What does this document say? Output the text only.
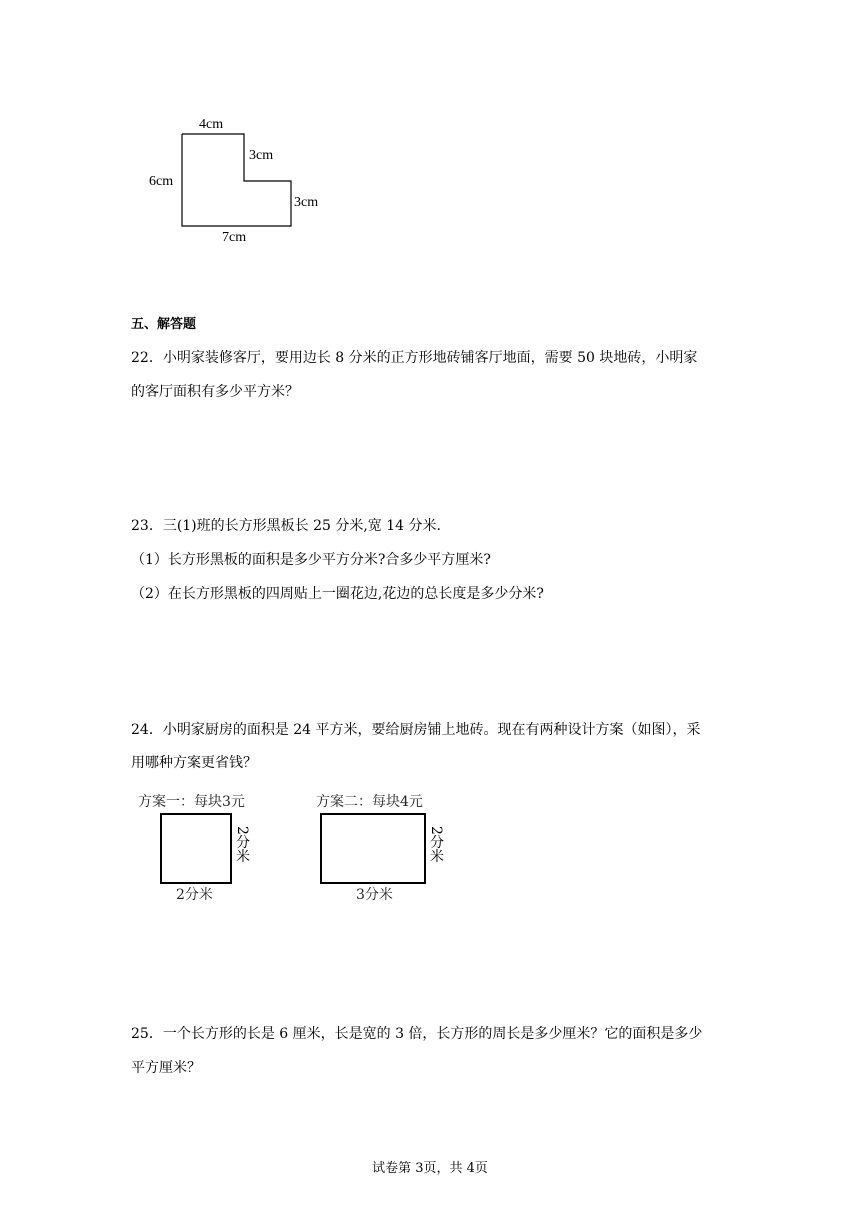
4cm
3cm
6cm
3cm
7cm
五、解答题
22．小明家装修客厅，要用边长 8 分米的正方形地砖铺客厅地面，需要 50 块地砖，小明家
的客厅面积有多少平方米？
23．三(1)班的长方形黑板长 25 分米,宽 14 分米.
（1）长方形黑板的面积是多少平方分米?合多少平方厘米?
（2）在长方形黑板的四周贴上一圈花边,花边的总长度是多少分米?
24．小明家厨房的面积是 24 平方米，要给厨房铺上地砖。现在有两种设计方案（如图），采
用哪种方案更省钱？
方案一：每块3元
2分米
2分米
方案二：每块4元
2分米
3分米
25．一个长方形的长是 6 厘米，长是宽的 3 倍，长方形的周长是多少厘米？它的面积是多少
平方厘米？
试卷第 3页，共 4页
